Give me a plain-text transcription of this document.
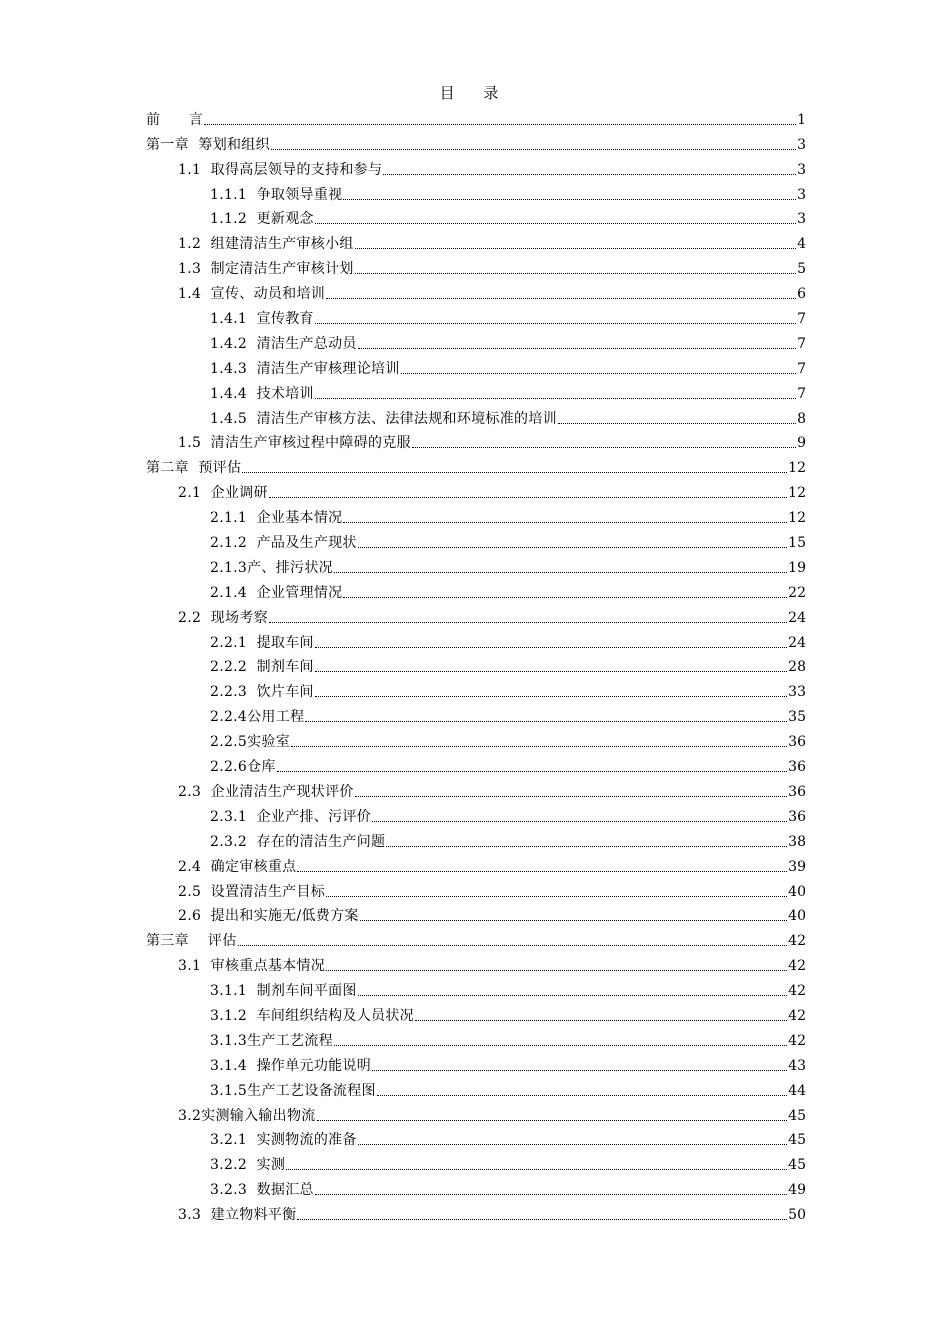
目 录
前      言	1
第一章  筹划和组织	3
1.1  取得高层领导的支持和参与	3
1.1.1  争取领导重视	3
1.1.2  更新观念	3
1.2  组建清洁生产审核小组	4
1.3  制定清洁生产审核计划	5
1.4  宣传、动员和培训	6
1.4.1  宣传教育	7
1.4.2  清洁生产总动员	7
1.4.3  清洁生产审核理论培训	7
1.4.4  技术培训	7
1.4.5  清洁生产审核方法、法律法规和环境标准的培训	8
1.5  清洁生产审核过程中障碍的克服	9
第二章  预评估	12
2.1  企业调研	12
2.1.1  企业基本情况	12
2.1.2  产品及生产现状	15
2.1.3产、排污状况	19
2.1.4  企业管理情况	22
2.2  现场考察	24
2.2.1  提取车间	24
2.2.2  制剂车间	28
2.2.3  饮片车间	33
2.2.4公用工程	35
2.2.5实验室	36
2.2.6仓库	36
2.3  企业清洁生产现状评价	36
2.3.1  企业产排、污评价	36
2.3.2  存在的清洁生产问题	38
2.4  确定审核重点	39
2.5  设置清洁生产目标	40
2.6  提出和实施无/低费方案	40
第三章    评估	42
3.1  审核重点基本情况	42
3.1.1  制剂车间平面图	42
3.1.2  车间组织结构及人员状况	42
3.1.3生产工艺流程	42
3.1.4  操作单元功能说明	43
3.1.5生产工艺设备流程图	44
3.2实测输入输出物流	45
3.2.1  实测物流的准备	45
3.2.2  实测	45
3.2.3  数据汇总	49
3.3  建立物料平衡	50
